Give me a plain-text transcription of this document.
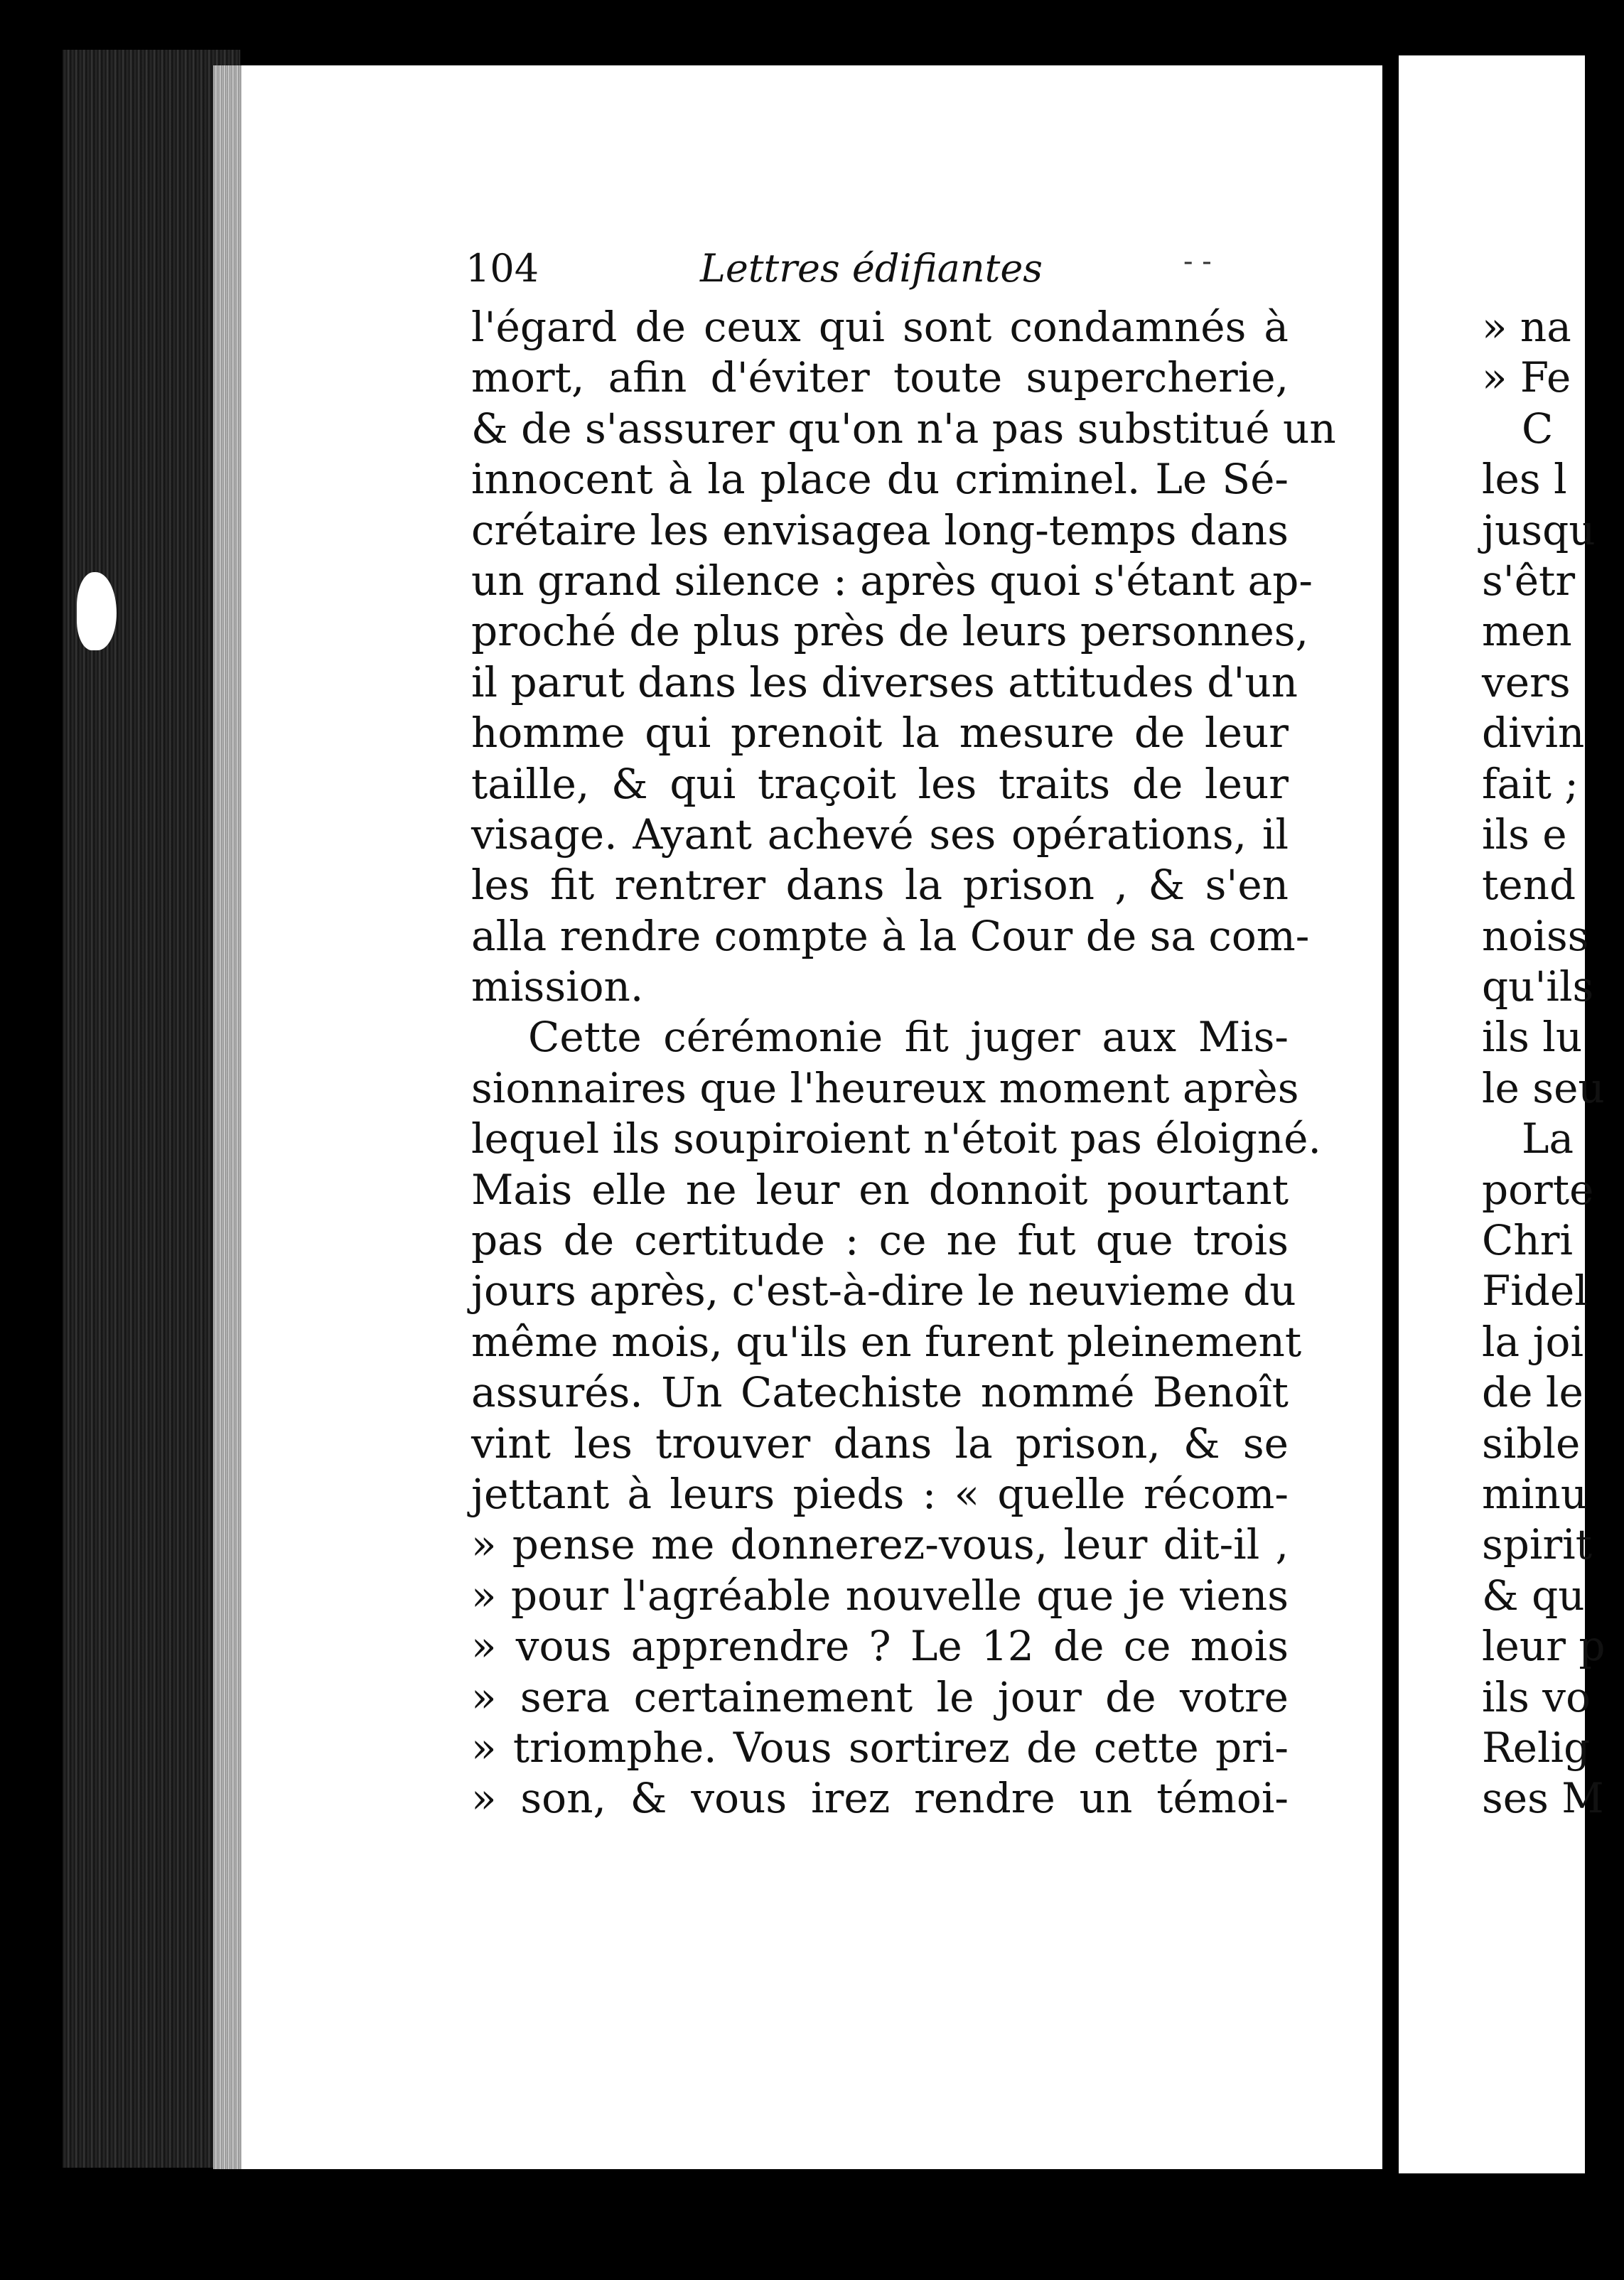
104	Lettres édifiantes	- -
l'égard de ceux qui sont condamnés à
mort, afin d'éviter toute supercherie,
& de s'assurer qu'on n'a pas substitué un
innocent à la place du criminel. Le Sé-
crétaire les envisagea long-temps dans
un grand silence : après quoi s'étant ap-
proché de plus près de leurs personnes,
il parut dans les diverses attitudes d'un
homme qui prenoit la mesure de leur
taille, & qui traçoit les traits de leur
visage. Ayant achevé ses opérations, il
les fit rentrer dans la prison , & s'en
alla rendre compte à la Cour de sa com-
mission.
Cette cérémonie fit juger aux Mis-
sionnaires que l'heureux moment après
lequel ils soupiroient n'étoit pas éloigné.
Mais elle ne leur en donnoit pourtant
pas de certitude : ce ne fut que trois
jours après, c'est-à-dire le neuvieme du
même mois, qu'ils en furent pleinement
assurés. Un Catechiste nommé Benoît
vint les trouver dans la prison, & se
jettant à leurs pieds : « quelle récom-
» pense me donnerez-vous, leur dit-il ,
» pour l'agréable nouvelle que je viens
» vous apprendre ? Le 12 de ce mois
» sera certainement le jour de votre
» triomphe. Vous sortirez de cette pri-
» son, & vous irez rendre un témoi-
» na
» Fe
C
les l
jusqu
s'êtr
men
vers
divin
fait ;
ils e
tend
noiss
qu'ils
ils lu
le seu
La
porte
Chri
Fidel
la joi
de le
sible
minu
spirit
& qu
leur p
ils vo
Relig
ses M
